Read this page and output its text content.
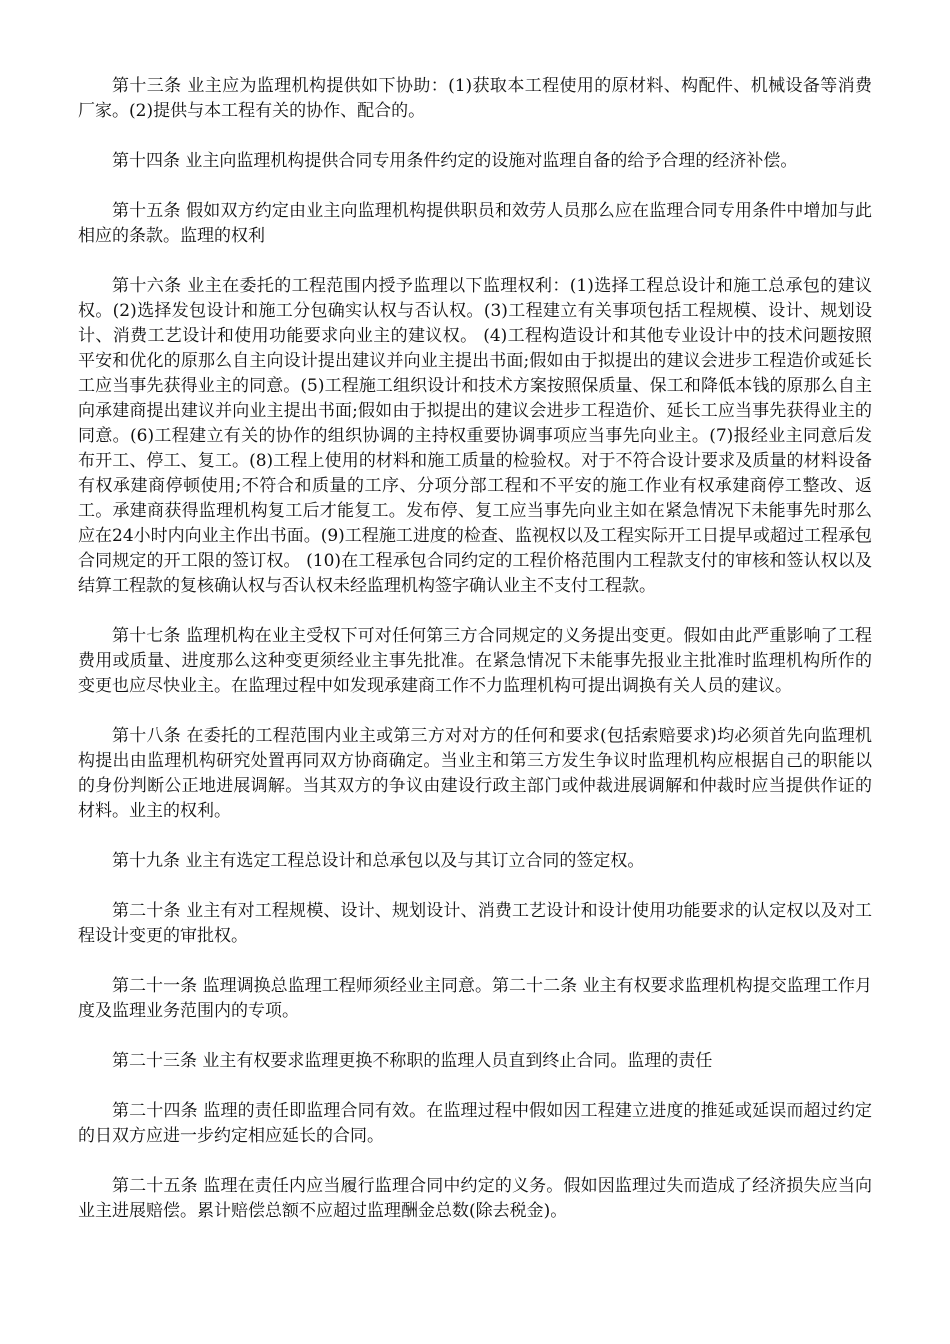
第十三条 业主应为监理机构提供如下协助：(1)获取本工程使用的原材料、构配件、机械设备等消费厂家。(2)提供与本工程有关的协作、配合的。

第十四条 业主向监理机构提供合同专用条件约定的设施对监理自备的给予合理的经济补偿。

第十五条 假如双方约定由业主向监理机构提供职员和效劳人员那么应在监理合同专用条件中增加与此相应的条款。监理的权利

第十六条 业主在委托的工程范围内授予监理以下监理权利：(1)选择工程总设计和施工总承包的建议权。(2)选择发包设计和施工分包确实认权与否认权。(3)工程建立有关事项包括工程规模、设计、规划设计、消费工艺设计和使用功能要求向业主的建议权。 (4)工程构造设计和其他专业设计中的技术问题按照平安和优化的原那么自主向设计提出建议并向业主提出书面;假如由于拟提出的建议会进步工程造价或延长工应当事先获得业主的同意。(5)工程施工组织设计和技术方案按照保质量、保工和降低本钱的原那么自主向承建商提出建议并向业主提出书面;假如由于拟提出的建议会进步工程造价、延长工应当事先获得业主的同意。(6)工程建立有关的协作的组织协调的主持权重要协调事项应当事先向业主。(7)报经业主同意后发布开工、停工、复工。(8)工程上使用的材料和施工质量的检验权。对于不符合设计要求及质量的材料设备有权承建商停顿使用;不符合和质量的工序、分项分部工程和不平安的施工作业有权承建商停工整改、返工。承建商获得监理机构复工后才能复工。发布停、复工应当事先向业主如在紧急情况下未能事先时那么应在24小时内向业主作出书面。(9)工程施工进度的检查、监视权以及工程实际开工日提早或超过工程承包合同规定的开工限的签订权。 (10)在工程承包合同约定的工程价格范围内工程款支付的审核和签认权以及结算工程款的复核确认权与否认权未经监理机构签字确认业主不支付工程款。

第十七条 监理机构在业主受权下可对任何第三方合同规定的义务提出变更。假如由此严重影响了工程费用或质量、进度那么这种变更须经业主事先批准。在紧急情况下未能事先报业主批准时监理机构所作的变更也应尽快业主。在监理过程中如发现承建商工作不力监理机构可提出调换有关人员的建议。

第十八条 在委托的工程范围内业主或第三方对对方的任何和要求(包括索赔要求)均必须首先向监理机构提出由监理机构研究处置再同双方协商确定。当业主和第三方发生争议时监理机构应根据自己的职能以的身份判断公正地进展调解。当其双方的争议由建设行政主部门或仲裁进展调解和仲裁时应当提供作证的材料。业主的权利。

第十九条 业主有选定工程总设计和总承包以及与其订立合同的签定权。

第二十条 业主有对工程规模、设计、规划设计、消费工艺设计和设计使用功能要求的认定权以及对工程设计变更的审批权。

第二十一条 监理调换总监理工程师须经业主同意。第二十二条 业主有权要求监理机构提交监理工作月度及监理业务范围内的专项。

第二十三条 业主有权要求监理更换不称职的监理人员直到终止合同。监理的责任

第二十四条 监理的责任即监理合同有效。在监理过程中假如因工程建立进度的推延或延误而超过约定的日双方应进一步约定相应延长的合同。

第二十五条 监理在责任内应当履行监理合同中约定的义务。假如因监理过失而造成了经济损失应当向业主进展赔偿。累计赔偿总额不应超过监理酬金总数(除去税金)。
